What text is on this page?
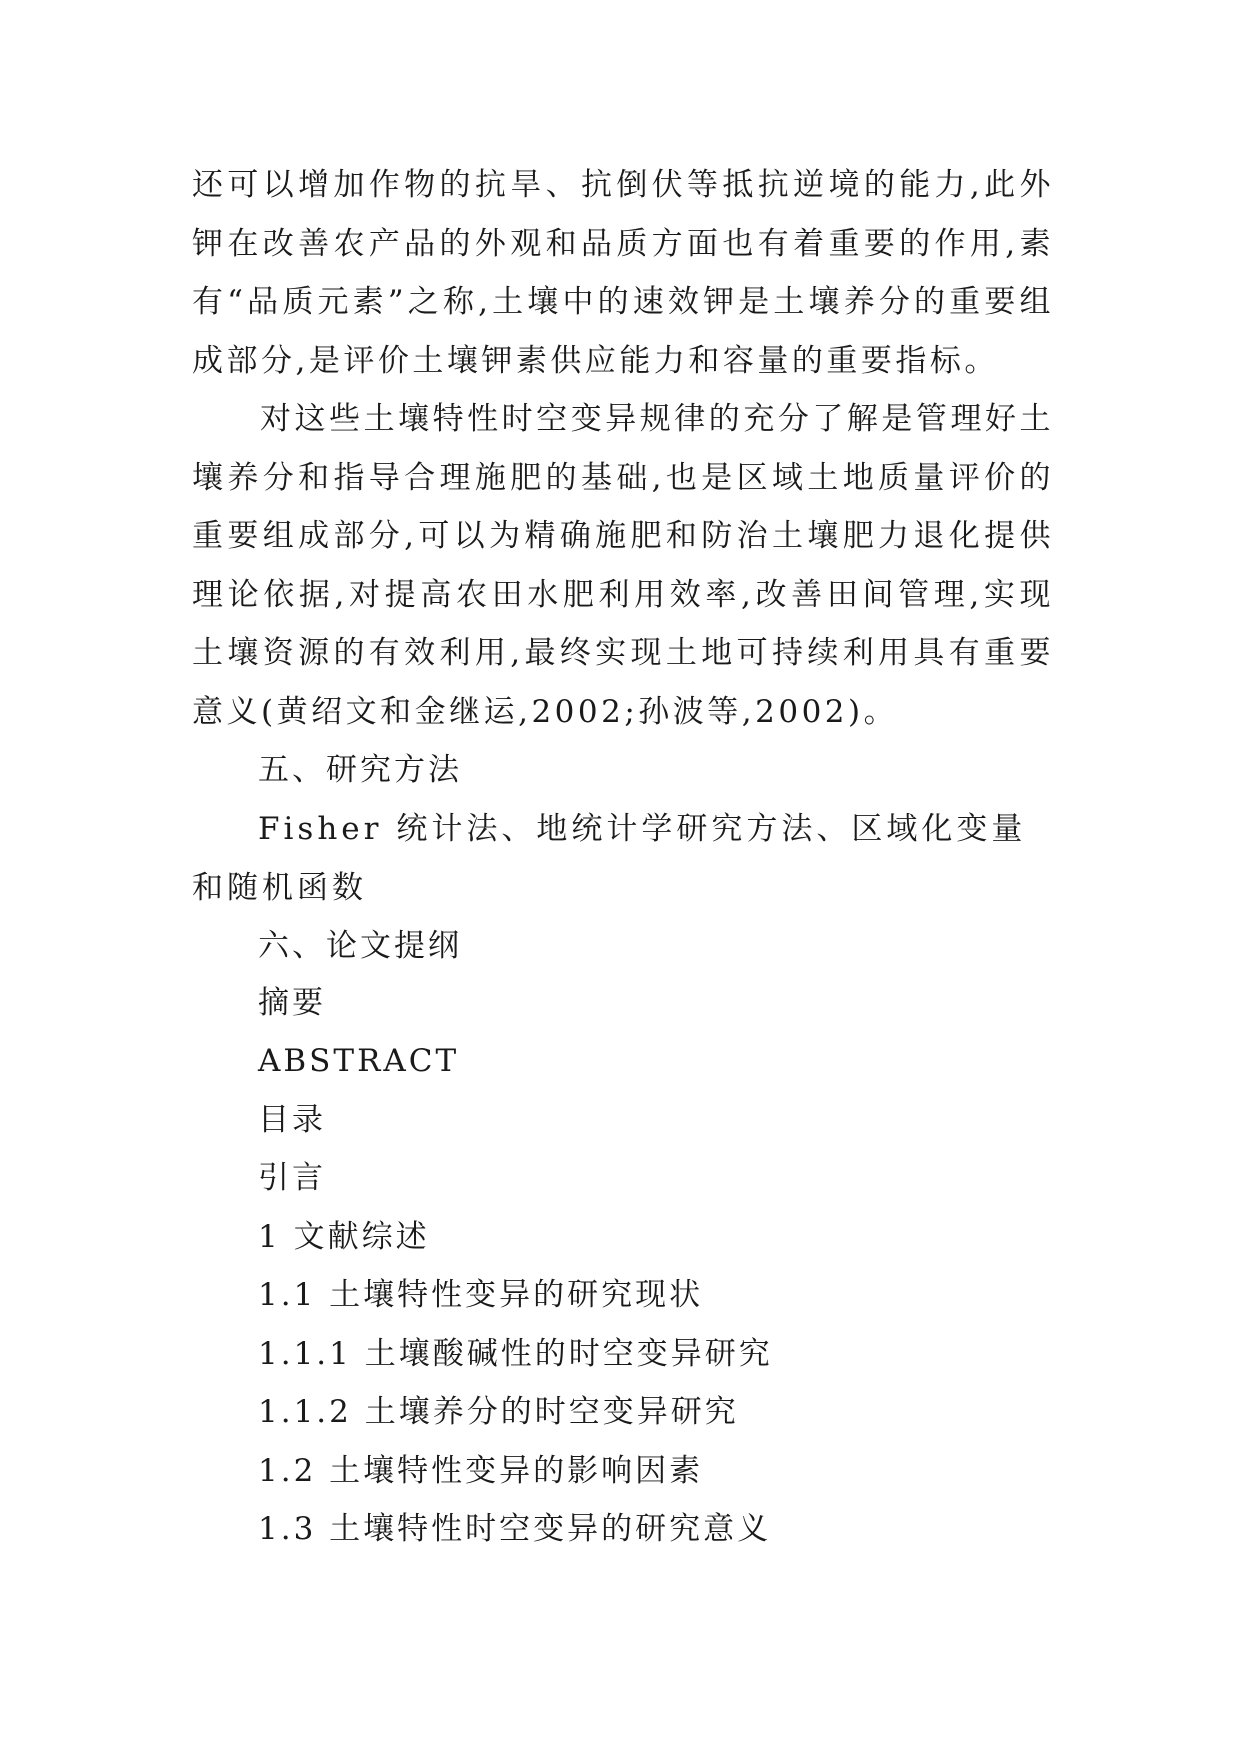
还可以增加作物的抗旱、抗倒伏等抵抗逆境的能力,此外钾在改善农产品的外观和品质方面也有着重要的作用,素有“品质元素”之称,土壤中的速效钾是土壤养分的重要组成部分,是评价土壤钾素供应能力和容量的重要指标。

对这些土壤特性时空变异规律的充分了解是管理好土壤养分和指导合理施肥的基础,也是区域土地质量评价的重要组成部分,可以为精确施肥和防治土壤肥力退化提供理论依据,对提高农田水肥利用效率,改善田间管理,实现土壤资源的有效利用,最终实现土地可持续利用具有重要意义(黄绍文和金继运,2002;孙波等,2002)。

五、研究方法

Fisher 统计法、地统计学研究方法、区域化变量和随机函数

六、论文提纲

摘要

ABSTRACT

目录

引言

1 文献综述

1.1 土壤特性变异的研究现状

1.1.1 土壤酸碱性的时空变异研究

1.1.2 土壤养分的时空变异研究

1.2 土壤特性变异的影响因素

1.3 土壤特性时空变异的研究意义
